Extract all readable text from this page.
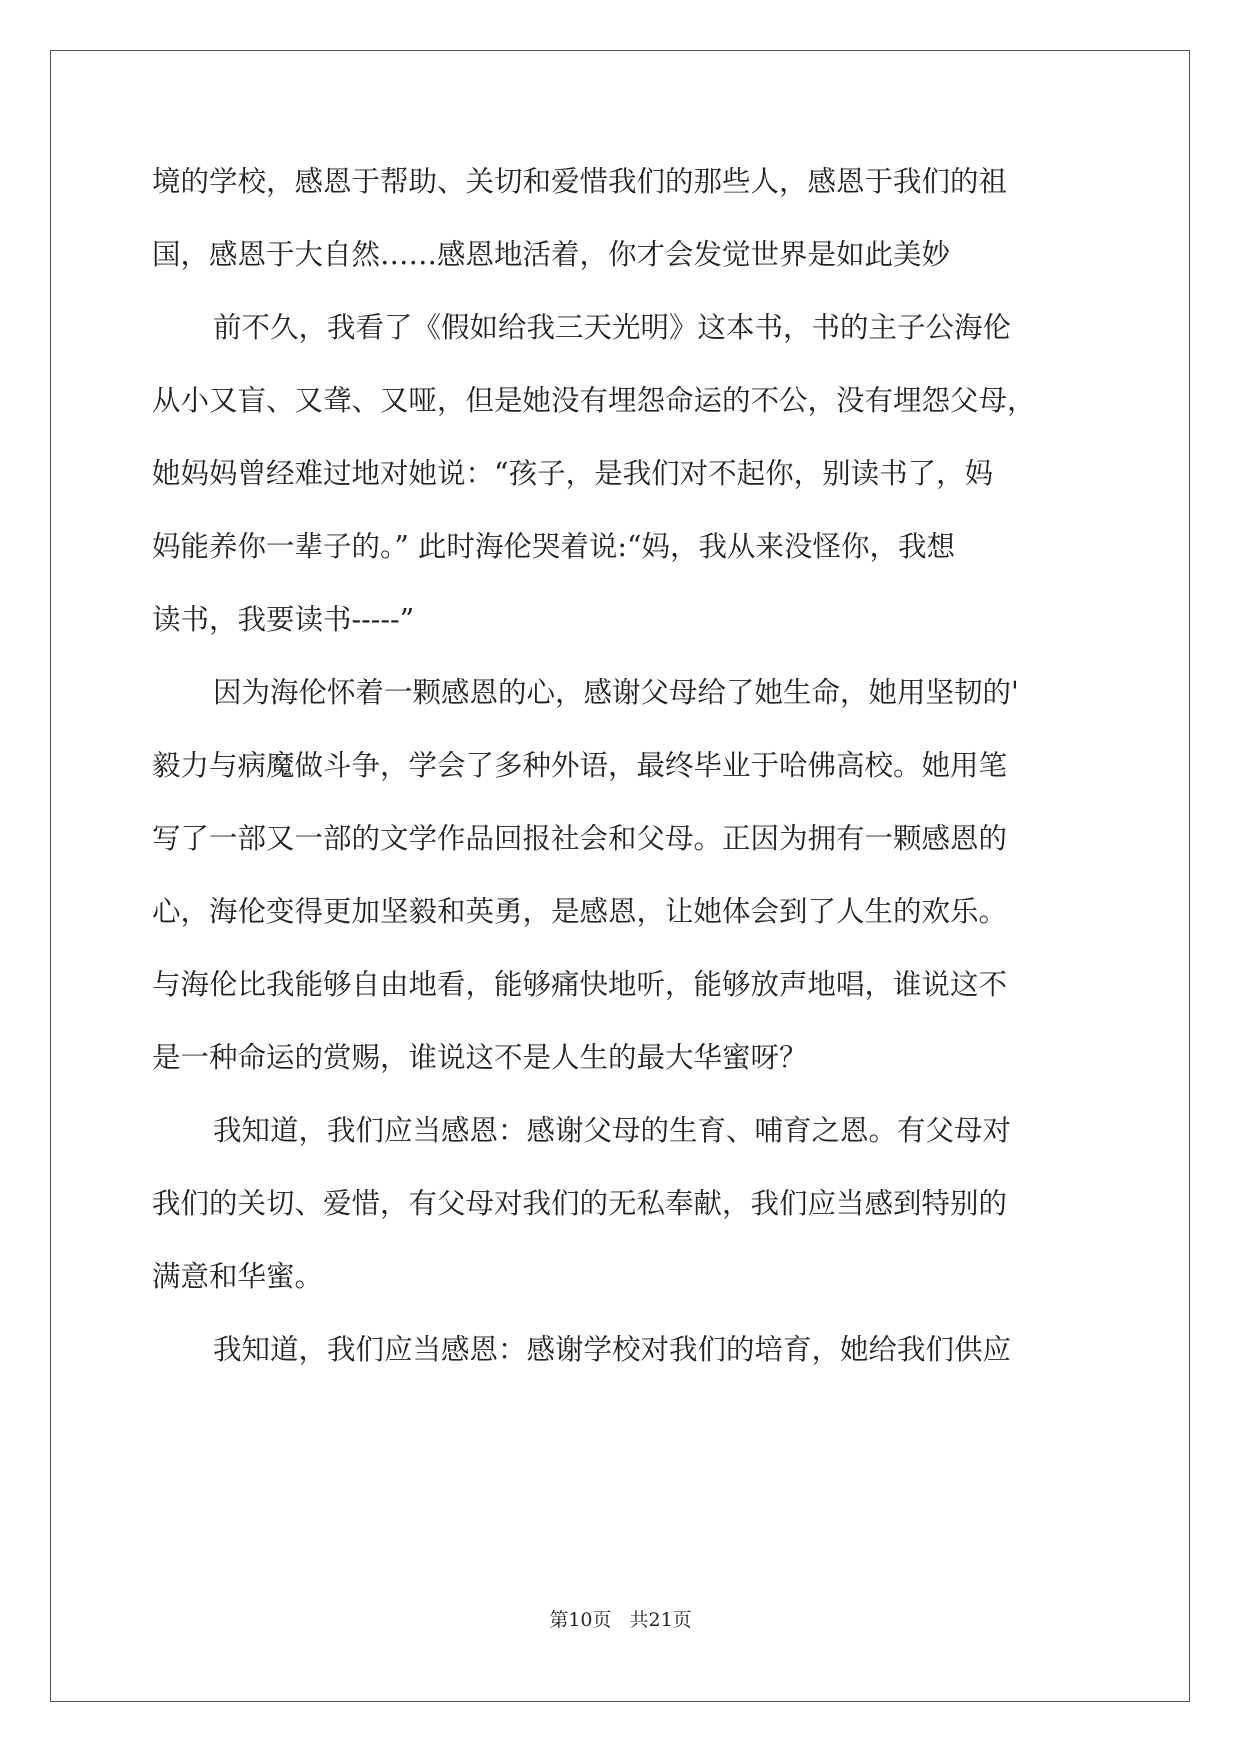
境的学校，感恩于帮助、关切和爱惜我们的那些人，感恩于我们的祖
国，感恩于大自然……感恩地活着，你才会发觉世界是如此美妙
前不久，我看了《假如给我三天光明》这本书，书的主子公海伦
从小又盲、又聋、又哑，但是她没有埋怨命运的不公，没有埋怨父母，
她妈妈曾经难过地对她说：“孩子，是我们对不起你，别读书了，妈
妈能养你一辈子的。” 此时海伦哭着说:“妈，我从来没怪你，我想
读书，我要读书-----”
因为海伦怀着一颗感恩的心，感谢父母给了她生命，她用坚韧的'
毅力与病魔做斗争，学会了多种外语，最终毕业于哈佛高校。她用笔
写了一部又一部的文学作品回报社会和父母。正因为拥有一颗感恩的
心，海伦变得更加坚毅和英勇，是感恩，让她体会到了人生的欢乐。
与海伦比我能够自由地看，能够痛快地听，能够放声地唱，谁说这不
是一种命运的赏赐，谁说这不是人生的最大华蜜呀？
我知道，我们应当感恩：感谢父母的生育、哺育之恩。有父母对
我们的关切、爱惜，有父母对我们的无私奉献，我们应当感到特别的
满意和华蜜。
我知道，我们应当感恩：感谢学校对我们的培育，她给我们供应
第10页 共21页
